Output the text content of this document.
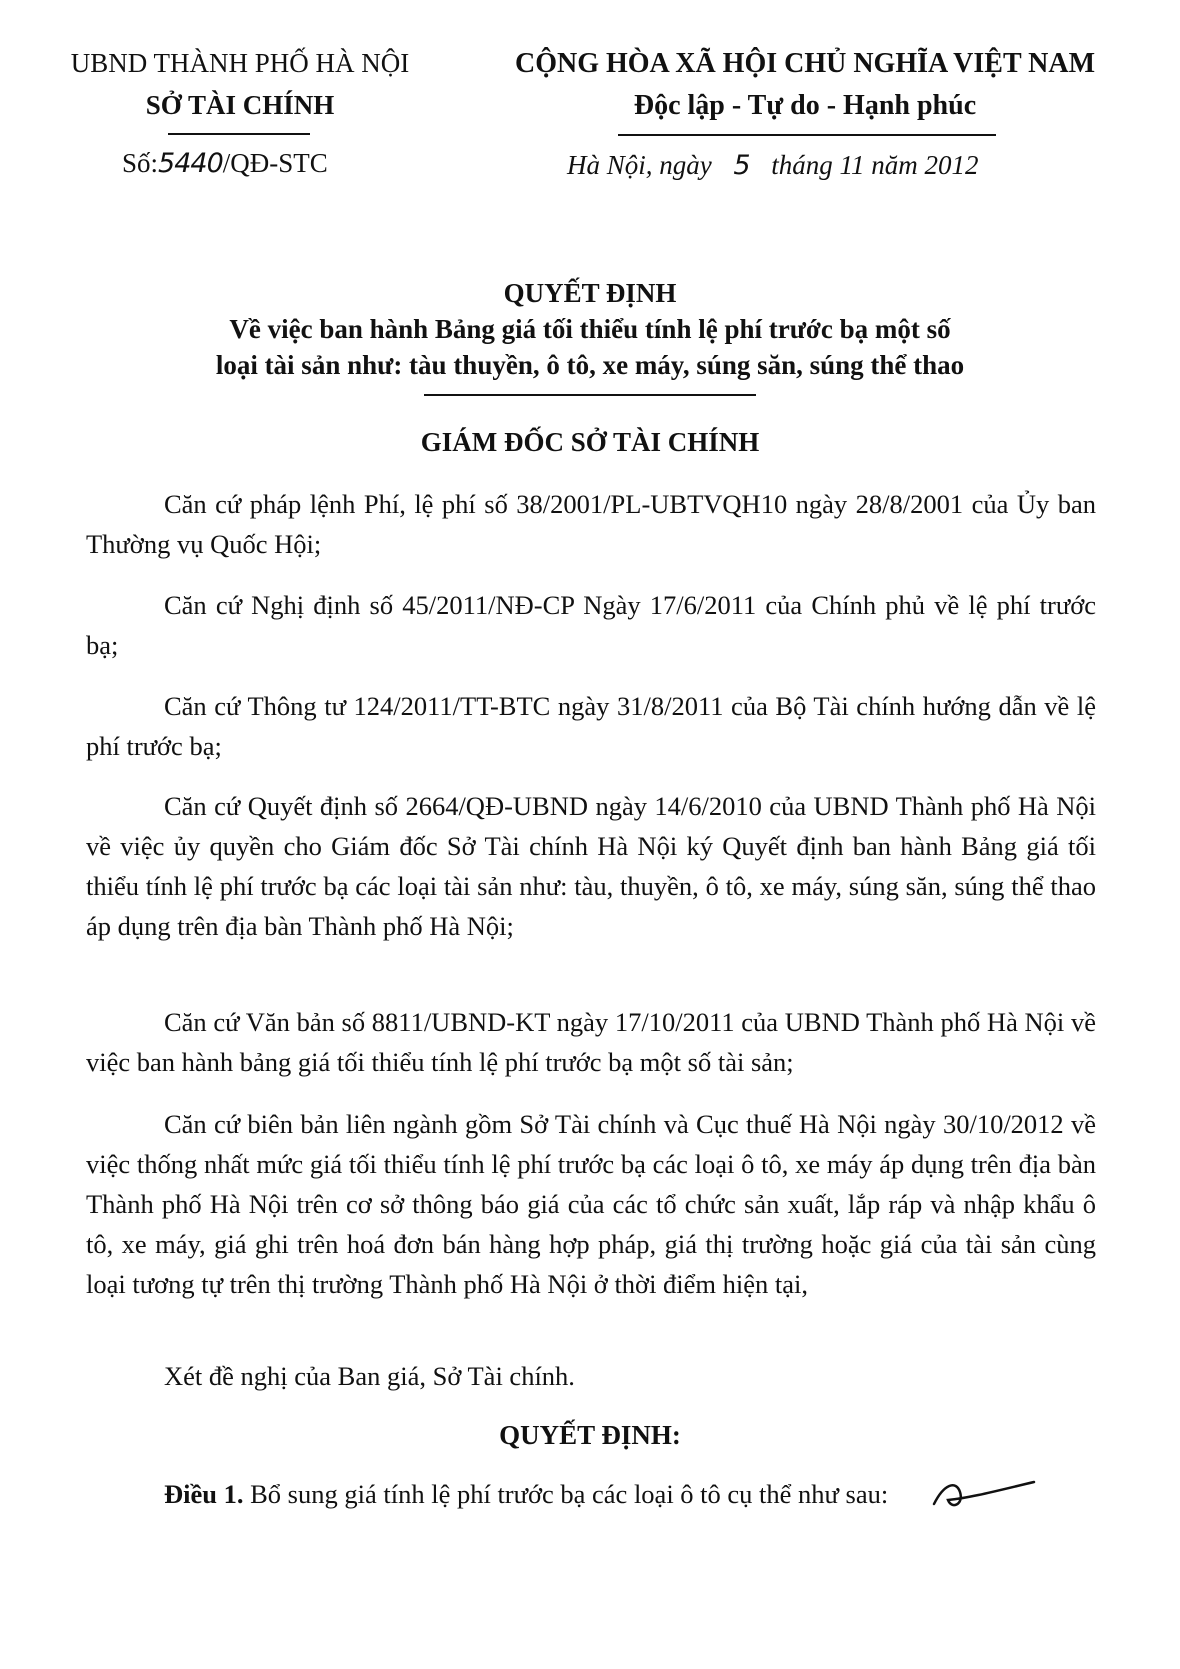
UBND THÀNH PHỐ HÀ NỘI
SỞ TÀI CHÍNH
Số:5440/QĐ-STC
CỘNG HÒA XÃ HỘI CHỦ NGHĨA VIỆT NAM
Độc lập - Tự do - Hạnh phúc
Hà Nội, ngày 5 tháng 11 năm 2012
QUYẾT ĐỊNH
Về việc ban hành Bảng giá tối thiểu tính lệ phí trước bạ một số
loại tài sản như: tàu thuyền, ô tô, xe máy, súng săn, súng thể thao
GIÁM ĐỐC SỞ TÀI CHÍNH
Căn cứ pháp lệnh Phí, lệ phí số 38/2001/PL-UBTVQH10 ngày 28/8/2001 của Ủy ban Thường vụ Quốc Hội;
Căn cứ Nghị định số 45/2011/NĐ-CP Ngày 17/6/2011 của Chính phủ về lệ phí trước bạ;
Căn cứ Thông tư 124/2011/TT-BTC ngày 31/8/2011 của Bộ Tài chính hướng dẫn về lệ phí trước bạ;
Căn cứ Quyết định số 2664/QĐ-UBND ngày 14/6/2010 của UBND Thành phố Hà Nội về việc ủy quyền cho Giám đốc Sở Tài chính Hà Nội ký Quyết định ban hành Bảng giá tối thiểu tính lệ phí trước bạ các loại tài sản như: tàu, thuyền, ô tô, xe máy, súng săn, súng thể thao áp dụng trên địa bàn Thành phố Hà Nội;
Căn cứ Văn bản số 8811/UBND-KT ngày 17/10/2011 của UBND Thành phố Hà Nội về việc ban hành bảng giá tối thiểu tính lệ phí trước bạ một số tài sản;
Căn cứ biên bản liên ngành gồm Sở Tài chính và Cục thuế Hà Nội ngày 30/10/2012 về việc thống nhất mức giá tối thiểu tính lệ phí trước bạ các loại ô tô, xe máy áp dụng trên địa bàn Thành phố Hà Nội trên cơ sở thông báo giá của các tổ chức sản xuất, lắp ráp và nhập khẩu ô tô, xe máy, giá ghi trên hoá đơn bán hàng hợp pháp, giá thị trường hoặc giá của tài sản cùng loại tương tự trên thị trường Thành phố Hà Nội ở thời điểm hiện tại,
Xét đề nghị của Ban giá, Sở Tài chính.
QUYẾT ĐỊNH:
Điều 1. Bổ sung giá tính lệ phí trước bạ các loại ô tô cụ thể như sau:
